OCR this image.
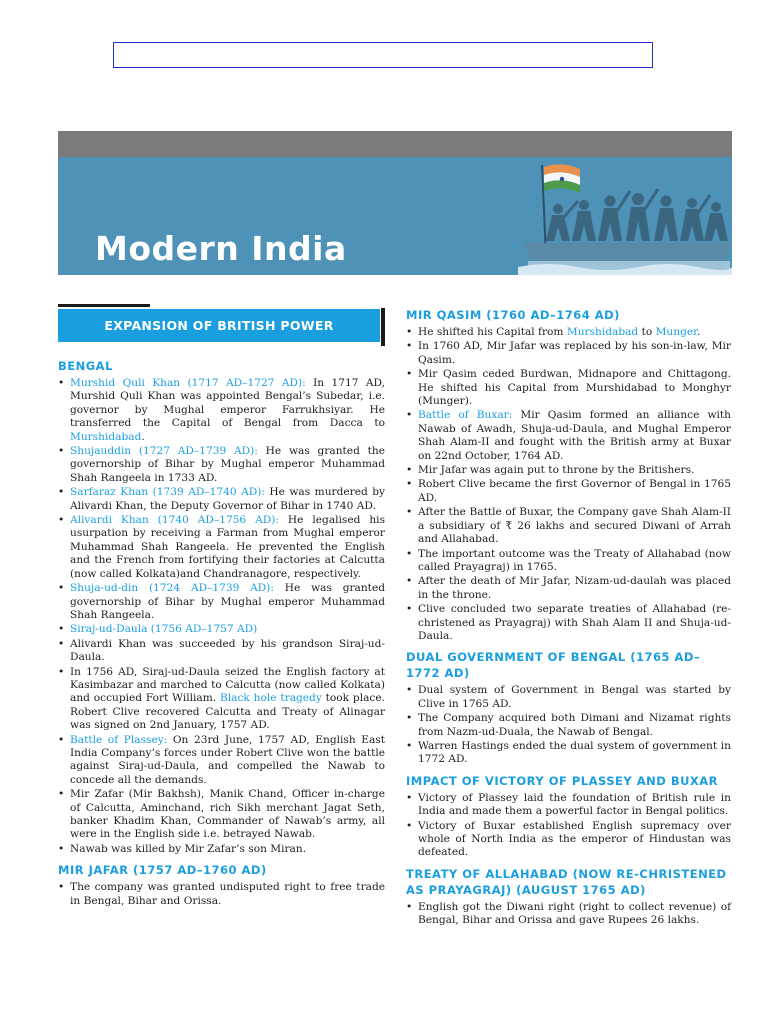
Modern India
EXPANSION OF BRITISH POWER
BENGAL
• Murshid Quli Khan (1717 AD–1727 AD): In 1717 AD, Murshid Quli Khan was appointed Bengal’s Subedar, i.e. governor by Mughal emperor Farrukhsiyar. He transferred the Capital of Bengal from Dacca to Murshidabad.
• Shujauddin (1727 AD–1739 AD): He was granted the governorship of Bihar by Mughal emperor Muhammad Shah Rangeela in 1733 AD.
• Sarfaraz Khan (1739 AD–1740 AD): He was murdered by Alivardi Khan, the Deputy Governor of Bihar in 1740 AD.
• Alivardi Khan (1740 AD–1756 AD): He legalised his usurpation by receiving a Farman from Mughal emperor Muhammad Shah Rangeela. He prevented the English and the French from fortifying their factories at Calcutta (now called Kolkata)and Chandranagore, respectively.
• Shuja-ud-din (1724 AD–1739 AD): He was granted governorship of Bihar by Mughal emperor Muhammad Shah Rangeela.
• Siraj-ud-Daula (1756 AD–1757 AD)
• Alivardi Khan was succeeded by his grandson Siraj-ud-Daula.
• In 1756 AD, Siraj-ud-Daula seized the English factory at Kasimbazar and marched to Calcutta (now called Kolkata) and occupied Fort William. Black hole tragedy took place. Robert Clive recovered Calcutta and Treaty of Alinagar was signed on 2nd January, 1757 AD.
• Battle of Plassey: On 23rd June, 1757 AD, English East India Company’s forces under Robert Clive won the battle against Siraj-ud-Daula, and compelled the Nawab to concede all the demands.
• Mir Zafar (Mir Bakhsh), Manik Chand, Officer in-charge of Calcutta, Aminchand, rich Sikh merchant Jagat Seth, banker Khadim Khan, Commander of Nawab’s army, all were in the English side i.e. betrayed Nawab.
• Nawab was killed by Mir Zafar’s son Miran.
MIR JAFAR (1757 AD–1760 AD)
• The company was granted undisputed right to free trade in Bengal, Bihar and Orissa.
MIR QASIM (1760 AD–1764 AD)
• He shifted his Capital from Murshidabad to Munger.
• In 1760 AD, Mir Jafar was replaced by his son-in-law, Mir Qasim.
• Mir Qasim ceded Burdwan, Midnapore and Chittagong. He shifted his Capital from Murshidabad to Monghyr (Munger).
• Battle of Buxar: Mir Qasim formed an alliance with Nawab of Awadh, Shuja-ud-Daula, and Mughal Emperor Shah Alam-II and fought with the British army at Buxar on 22nd October, 1764 AD.
• Mir Jafar was again put to throne by the Britishers.
• Robert Clive became the first Governor of Bengal in 1765 AD.
• After the Battle of Buxar, the Company gave Shah Alam-II a subsidiary of ₹ 26 lakhs and secured Diwani of Arrah and Allahabad.
• The important outcome was the Treaty of Allahabad (now called Prayagraj) in 1765.
• After the death of Mir Jafar, Nizam-ud-daulah was placed in the throne.
• Clive concluded two separate treaties of Allahabad (re-christened as Prayagraj) with Shah Alam II and Shuja-ud-Daula.
DUAL GOVERNMENT OF BENGAL (1765 AD–1772 AD)
• Dual system of Government in Bengal was started by Clive in 1765 AD.
• The Company acquired both Dimani and Nizamat rights from Nazm-ud-Duala, the Nawab of Bengal.
• Warren Hastings ended the dual system of government in 1772 AD.
IMPACT OF VICTORY OF PLASSEY AND BUXAR
• Victory of Plassey laid the foundation of British rule in India and made them a powerful factor in Bengal politics.
• Victory of Buxar established English supremacy over whole of North India as the emperor of Hindustan was defeated.
TREATY OF ALLAHABAD (NOW RE-CHRISTENED AS PRAYAGRAJ) (AUGUST 1765 AD)
• English got the Diwani right (right to collect revenue) of Bengal, Bihar and Orissa and gave Rupees 26 lakhs.
